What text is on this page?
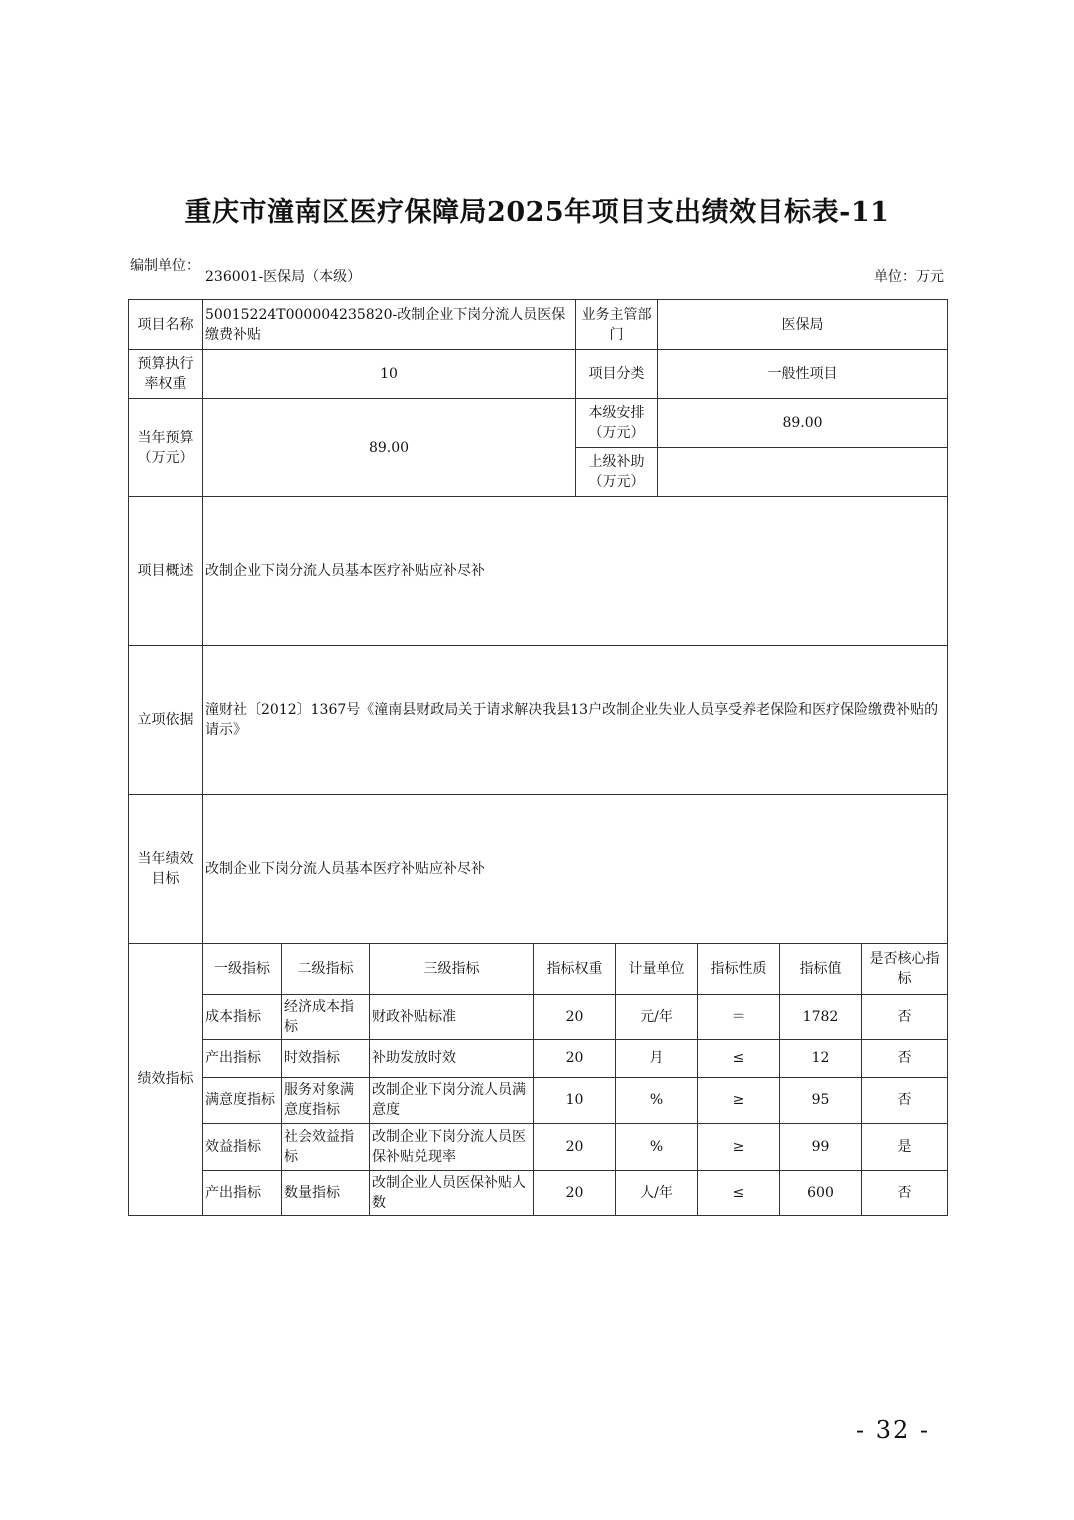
重庆市潼南区医疗保障局2025年项目支出绩效目标表-11
编制单位：
236001-医保局（本级）	单位：万元
项目名称	50015224T000004235820-改制企业下岗分流人员医保缴费补贴	业务主管部门	医保局
预算执行率权重	10	项目分类	一般性项目
当年预算（万元）	89.00	本级安排（万元）	89.00
		上级补助（万元）	
项目概述	改制企业下岗分流人员基本医疗补贴应补尽补		
立项依据	潼财社〔2012〕1367号《潼南县财政局关于请求解决我县13户改制企业失业人员享受养老保险和医疗保险缴费补贴的请示》		
当年绩效目标	改制企业下岗分流人员基本医疗补贴应补尽补		
绩效指标	一级指标	二级指标	三级指标	指标权重	计量单位	指标性质	指标值	是否核心指标
	成本指标	经济成本指标	财政补贴标准	20	元/年	＝	1782	否
	产出指标	时效指标	补助发放时效	20	月	≤	12	否
	满意度指标	服务对象满意度指标	改制企业下岗分流人员满意度	10	%	≥	95	否
	效益指标	社会效益指标	改制企业下岗分流人员医保补贴兑现率	20	%	≥	99	是
	产出指标	数量指标	改制企业人员医保补贴人数	20	人/年	≤	600	否
- 32 -
